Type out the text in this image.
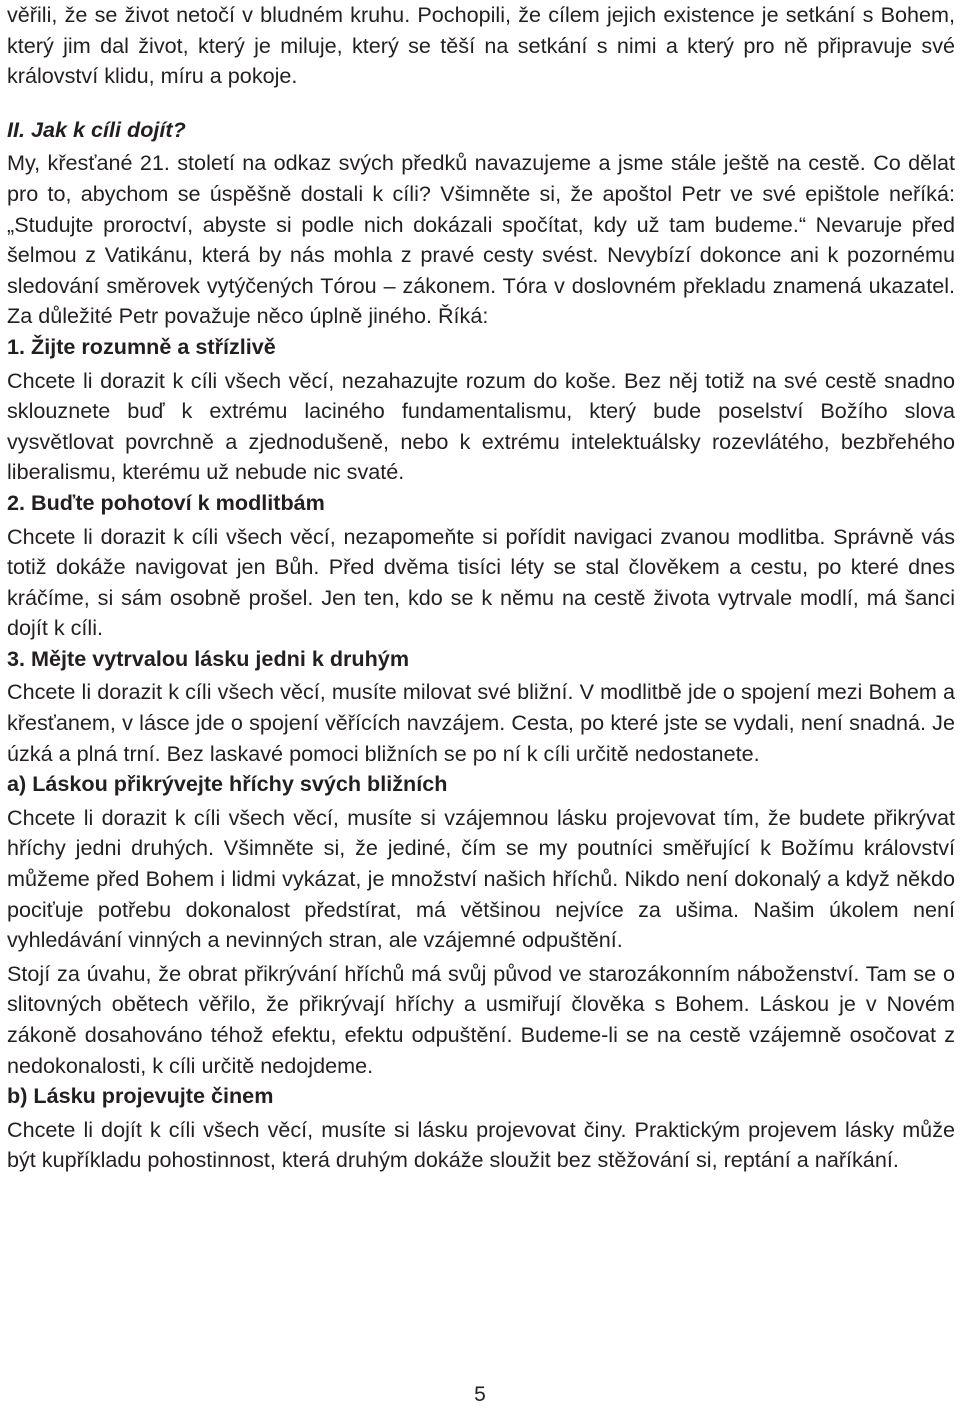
věřili, že se život netočí v bludném kruhu. Pochopili, že cílem jejich existence je setkání s Bohem, který jim dal život, který je miluje, který se těší na setkání s nimi a který pro ně připravuje své království klidu, míru a pokoje.

II. Jak k cíli dojít?

My, křesťané 21. století na odkaz svých předků navazujeme a jsme stále ještě na cestě. Co dělat pro to, abychom se úspěšně dostali k cíli? Všimněte si, že apoštol Petr ve své epištole neříká: „Studujte proroctví, abyste si podle nich dokázali spočítat, kdy už tam budeme.“ Nevaruje před šelmou z Vatikánu, která by nás mohla z pravé cesty svést. Nevybízí dokonce ani k pozornému sledování směrovek vytýčených Tórou – zákonem. Tóra v doslovném překladu znamená ukazatel. Za důležité Petr považuje něco úplně jiného. Říká:

1. Žijte rozumně a střízlivě

Chcete li dorazit k cíli všech věcí, nezahazujte rozum do koše. Bez něj totiž na své cestě snadno sklouznete buď k extrému laciného fundamentalismu, který bude poselství Božího slova vysvětlovat povrchně a zjednodušeně, nebo k extrému intelektuálsky rozevlátého, bezbřehého liberalismu, kterému už nebude nic svaté.

2. Buďte pohotoví k modlitbám

Chcete li dorazit k cíli všech věcí, nezapomeňte si pořídit navigaci zvanou modlitba. Správně vás totiž dokáže navigovat jen Bůh. Před dvěma tisíci léty se stal člověkem a cestu, po které dnes kráčíme, si sám osobně prošel. Jen ten, kdo se k němu na cestě života vytrvale modlí, má šanci dojít k cíli.

3. Mějte vytrvalou lásku jedni k druhým

Chcete li dorazit k cíli všech věcí, musíte milovat své bližní. V modlitbě jde o spojení mezi Bohem a křesťanem, v lásce jde o spojení věřících navzájem. Cesta, po které jste se vydali, není snadná. Je úzká a plná trní. Bez laskavé pomoci bližních se po ní k cíli určitě nedostanete.

a) Láskou přikrývejte hříchy svých bližních

Chcete li dorazit k cíli všech věcí, musíte si vzájemnou lásku projevovat tím, že budete přikrývat hříchy jedni druhých. Všimněte si, že jediné, čím se my poutníci směřující k Božímu království můžeme před Bohem i lidmi vykázat, je množství našich hříchů. Nikdo není dokonalý a když někdo pociťuje potřebu dokonalost předstírat, má většinou nejvíce za ušima. Našim úkolem není vyhledávání vinných a nevinných stran, ale vzájemné odpuštění.

Stojí za úvahu, že obrat přikrývání hříchů má svůj původ ve starozákonním náboženství. Tam se o slitovných obětech věřilo, že přikrývají hříchy a usmiřují člověka s Bohem. Láskou je v Novém zákoně dosahováno téhož efektu, efektu odpuštění. Budeme-li se na cestě vzájemně osočovat z nedokonalosti, k cíli určitě nedojdeme.

b) Lásku projevujte činem

Chcete li dojít k cíli všech věcí, musíte si lásku projevovat činy. Praktickým projevem lásky může být kupříkladu pohostinnost, která druhým dokáže sloužit bez stěžování si, reptání a naříkání.

5
